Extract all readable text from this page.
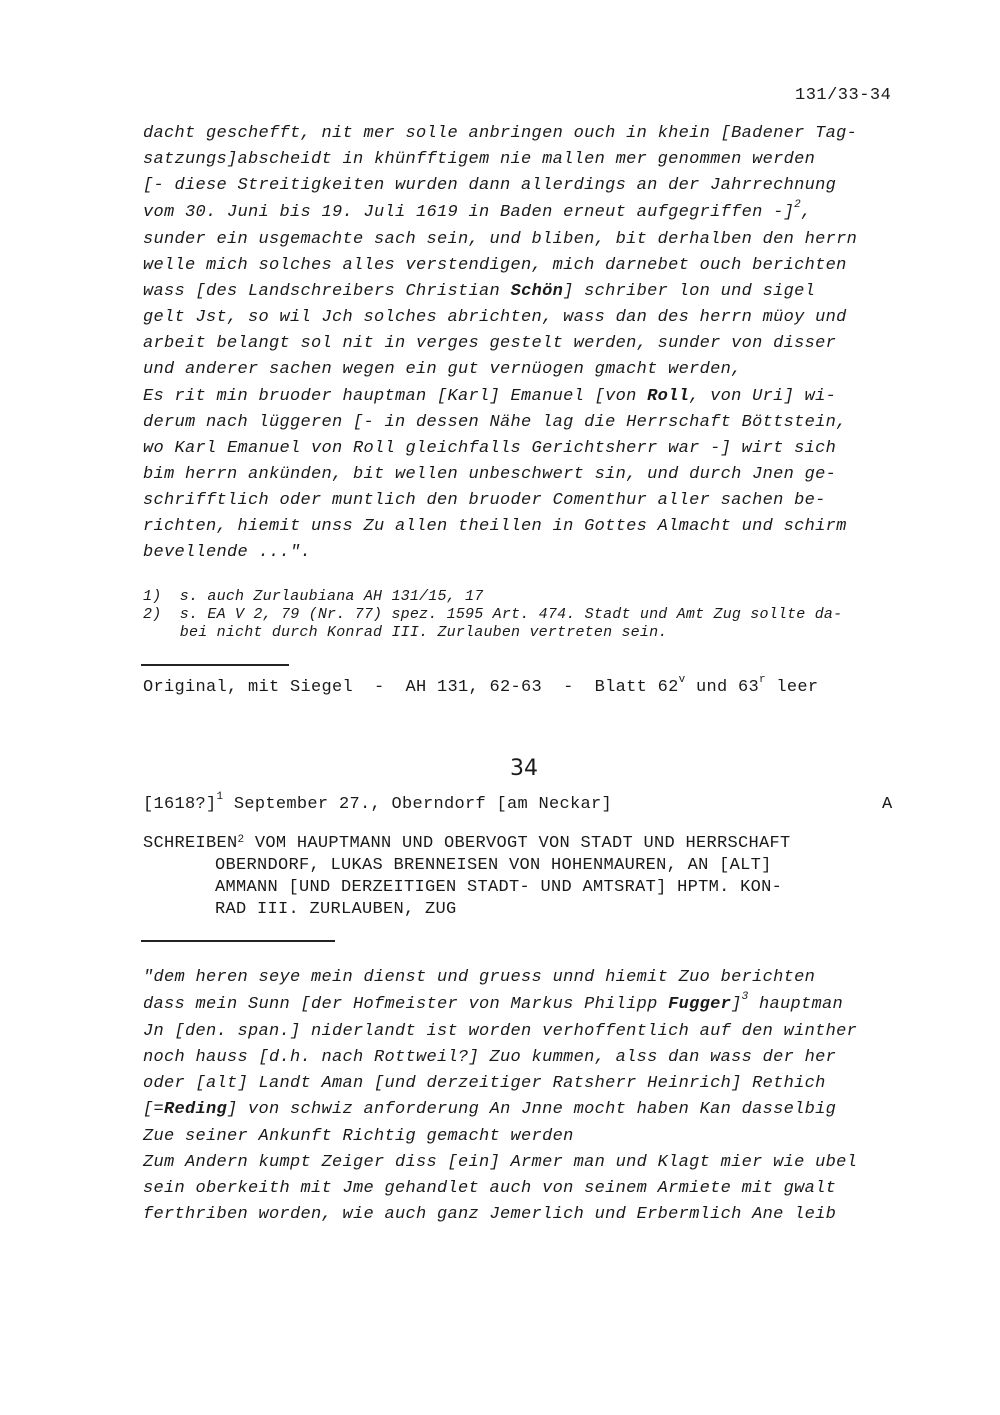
131/33-34
dacht geschefft, nit mer solle anbringen ouch in khein [Badener Tag-
satzungs]abscheidt in khünfftigem nie mallen mer genommen werden
[- diese Streitigkeiten wurden dann allerdings an der Jahrrechnung
vom 30. Juni bis 19. Juli 1619 in Baden erneut aufgegriffen -]$^2$,
sunder ein usgemachte sach sein, und bliben, bit derhalben den herrn
welle mich solches alles verstendigen, mich darnebet ouch berichten
wass [des Landschreibers Christian Schön] schriber lon und sigel
gelt Jst, so wil Jch solches abrichten, wass dan des herrn müoy und
arbeit belangt sol nit in verges gestelt werden, sunder von disser
und anderer sachen wegen ein gut vernüogen gmacht werden,
Es rit min bruoder hauptman [Karl] Emanuel [von Roll, von Uri] wi-
derum nach lüggeren [- in dessen Nähe lag die Herrschaft Böttstein,
wo Karl Emanuel von Roll gleichfalls Gerichtsherr war -] wirt sich
bim herrn ankünden, bit wellen unbeschwert sin, und durch Jnen ge-
schrifftlich oder muntlich den bruoder Comenthur aller sachen be-
richten, hiemit unss Zu allen theillen in Gottes Almacht und schirm
bevellende ...".
1)  s. auch Zurlaubiana AH 131/15, 17
2)  s. EA V 2, 79 (Nr. 77) spez. 1595 Art. 474. Stadt und Amt Zug sollte da-
bei nicht durch Konrad III. Zurlauben vertreten sein.
Original, mit Siegel  -  AH 131, 62-63  -  Blatt 62$^v$ und 63$^r$ leer
34
[1618?]$^1$ September 27., Oberndorf [am Neckar]	A
SCHREIBEN$^2$ VOM HAUPTMANN UND OBERVOGT VON STADT UND HERRSCHAFT
OBERNDORF, LUKAS BRENNEISEN VON HOHENMAUREN, AN [ALT]
AMMANN [UND DERZEITIGEN STADT- UND AMTSRAT] HPTM. KON-
RAD III. ZURLAUBEN, ZUG
"dem heren seye mein dienst und gruess unnd hiemit Zuo berichten
dass mein Sunn [der Hofmeister von Markus Philipp Fugger]$^3$ hauptman
Jn [den. span.] niderlandt ist worden verhoffentlich auf den winther
noch hauss [d.h. nach Rottweil?] Zuo kummen, alss dan wass der her
oder [alt] Landt Aman [und derzeitiger Ratsherr Heinrich] Rethich
[=Reding] von schwiz anforderung An Jnne mocht haben Kan dasselbig
Zue seiner Ankunft Richtig gemacht werden
Zum Andern kumpt Zeiger diss [ein] Armer man und Klagt mier wie ubel
sein oberkeith mit Jme gehandlet auch von seinem Armiete mit gwalt
ferthriben worden, wie auch ganz Jemerlich und Erbermlich Ane leib
